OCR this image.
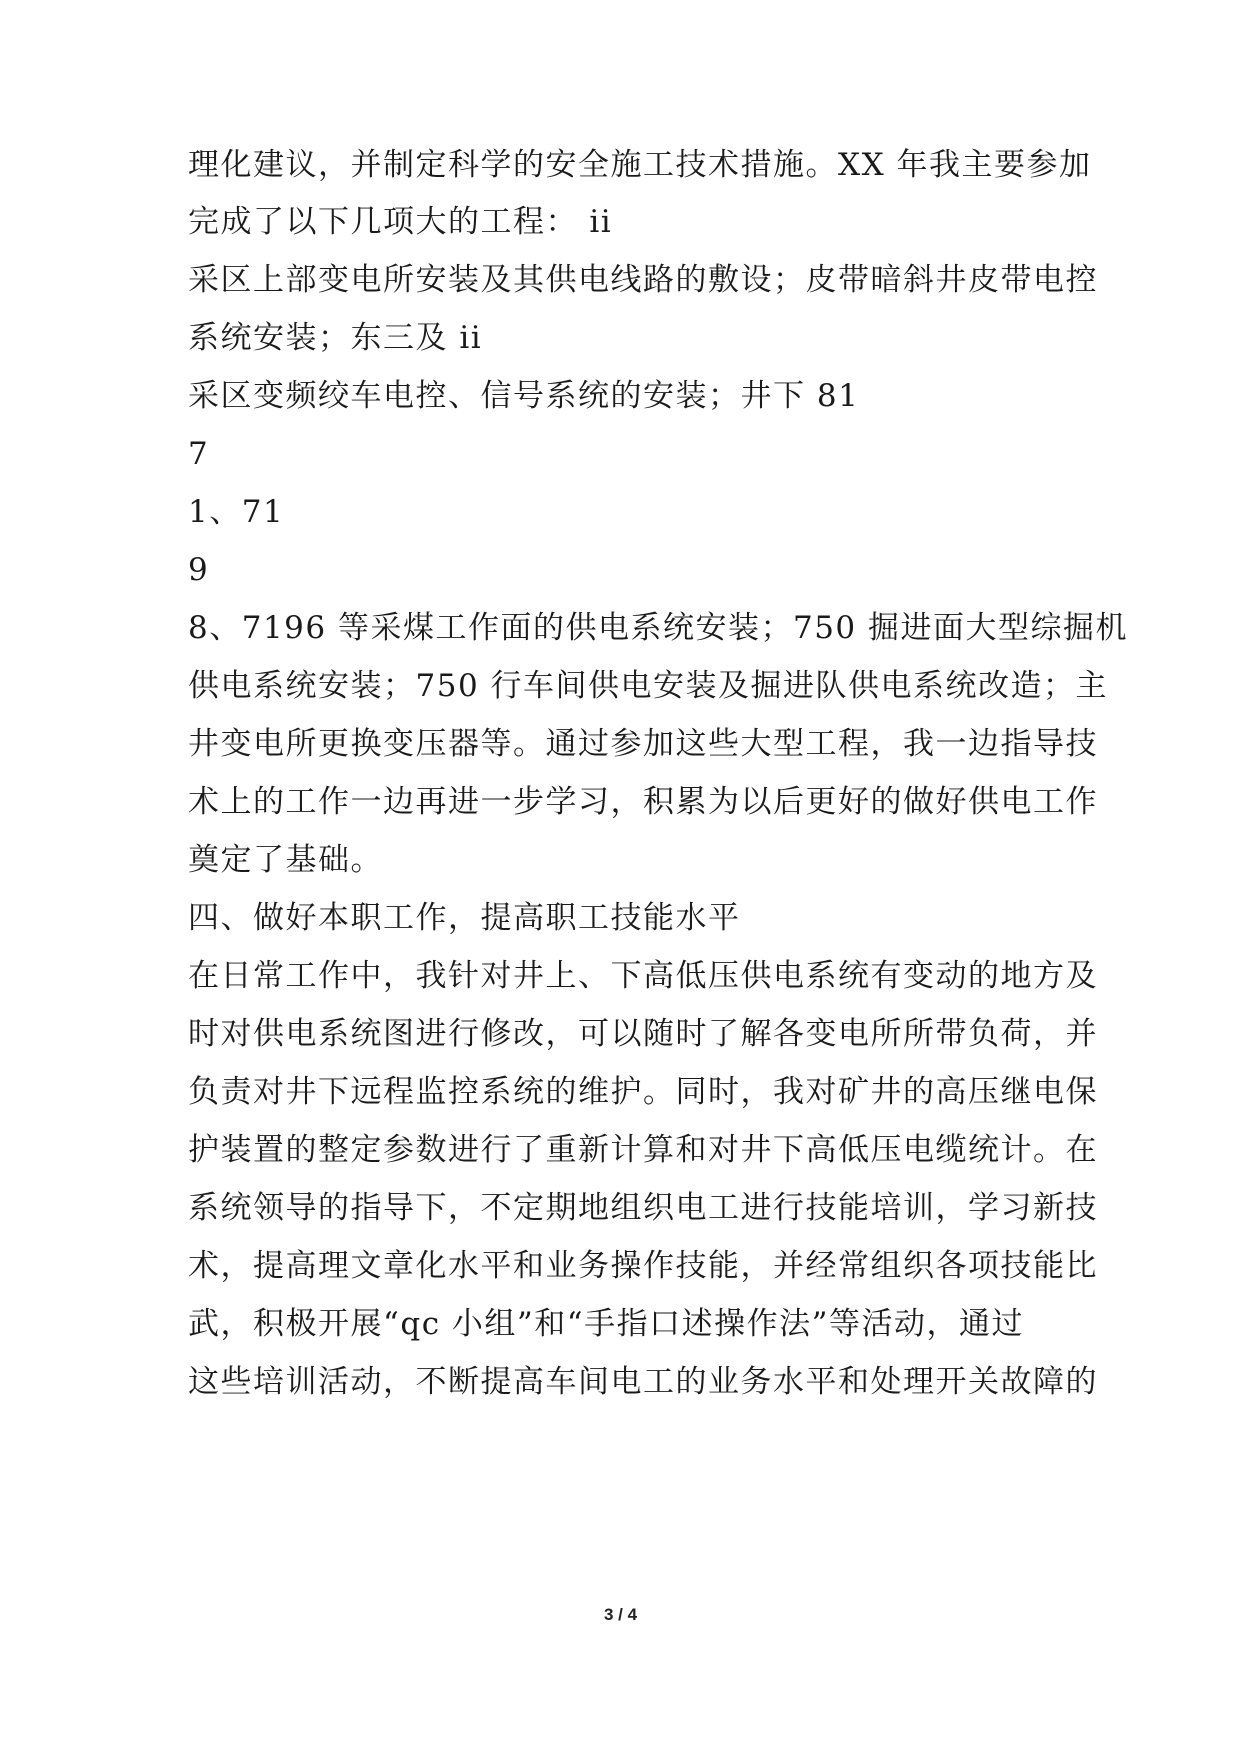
理化建议，并制定科学的安全施工技术措施。XX 年我主要参加
完成了以下几项大的工程： ii
采区上部变电所安装及其供电线路的敷设；皮带暗斜井皮带电控
系统安装；东三及 ii
采区变频绞车电控、信号系统的安装；井下 81
7
1、71
9
8、7196 等采煤工作面的供电系统安装；750 掘进面大型综掘机
供电系统安装；750 行车间供电安装及掘进队供电系统改造；主
井变电所更换变压器等。通过参加这些大型工程，我一边指导技
术上的工作一边再进一步学习，积累为以后更好的做好供电工作
奠定了基础。
四、做好本职工作，提高职工技能水平
在日常工作中，我针对井上、下高低压供电系统有变动的地方及
时对供电系统图进行修改，可以随时了解各变电所所带负荷，并
负责对井下远程监控系统的维护。同时，我对矿井的高压继电保
护装置的整定参数进行了重新计算和对井下高低压电缆统计。在
系统领导的指导下，不定期地组织电工进行技能培训，学习新技
术，提高理文章化水平和业务操作技能，并经常组织各项技能比
武，积极开展“qc 小组”和“手指口述操作法”等活动，通过
这些培训活动，不断提高车间电工的业务水平和处理开关故障的
3 / 4
